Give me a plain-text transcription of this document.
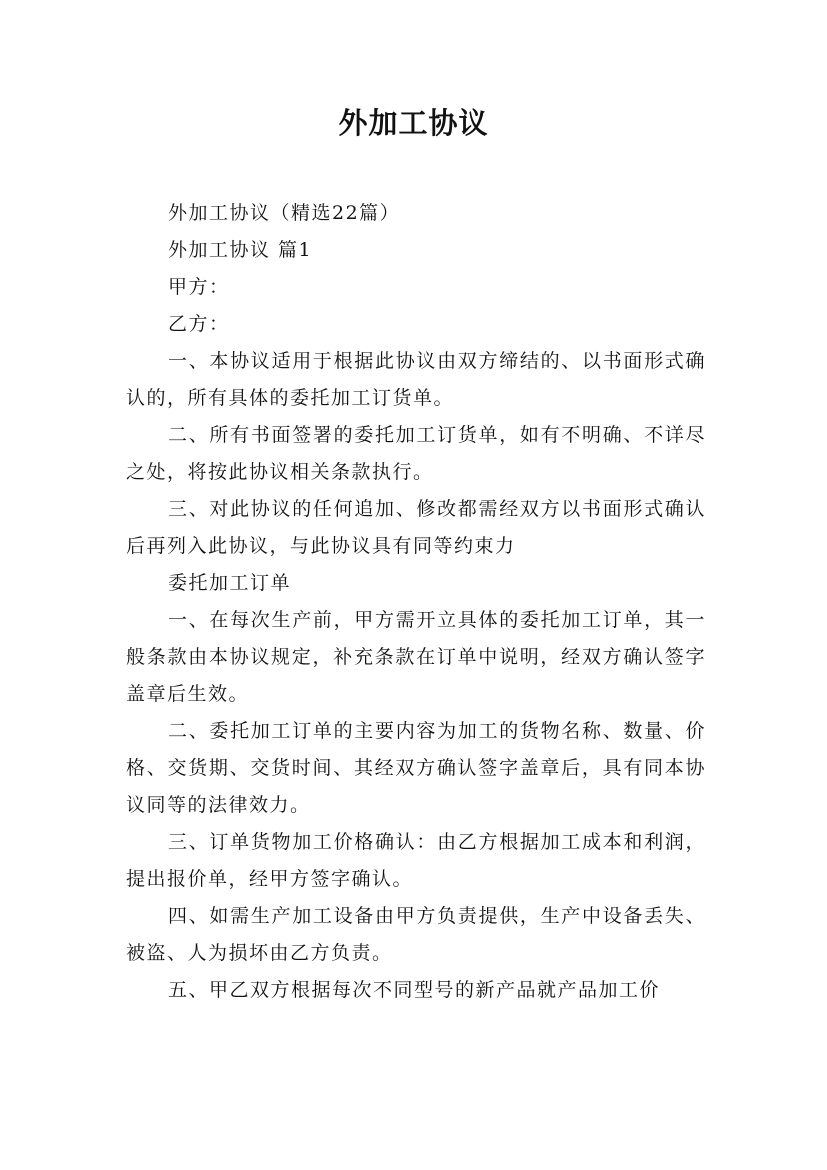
外加工协议

外加工协议（精选22篇）

外加工协议 篇1

甲方：

乙方：

一、本协议适用于根据此协议由双方缔结的、以书面形式确认的，所有具体的委托加工订货单。

二、所有书面签署的委托加工订货单，如有不明确、不详尽之处，将按此协议相关条款执行。

三、对此协议的任何追加、修改都需经双方以书面形式确认后再列入此协议，与此协议具有同等约束力

委托加工订单

一、在每次生产前，甲方需开立具体的委托加工订单，其一般条款由本协议规定，补充条款在订单中说明，经双方确认签字盖章后生效。

二、委托加工订单的主要内容为加工的货物名称、数量、价格、交货期、交货时间、其经双方确认签字盖章后，具有同本协议同等的法律效力。

三、订单货物加工价格确认：由乙方根据加工成本和利润，提出报价单，经甲方签字确认。

四、如需生产加工设备由甲方负责提供，生产中设备丢失、被盗、人为损坏由乙方负责。

五、甲乙双方根据每次不同型号的新产品就产品加工价
